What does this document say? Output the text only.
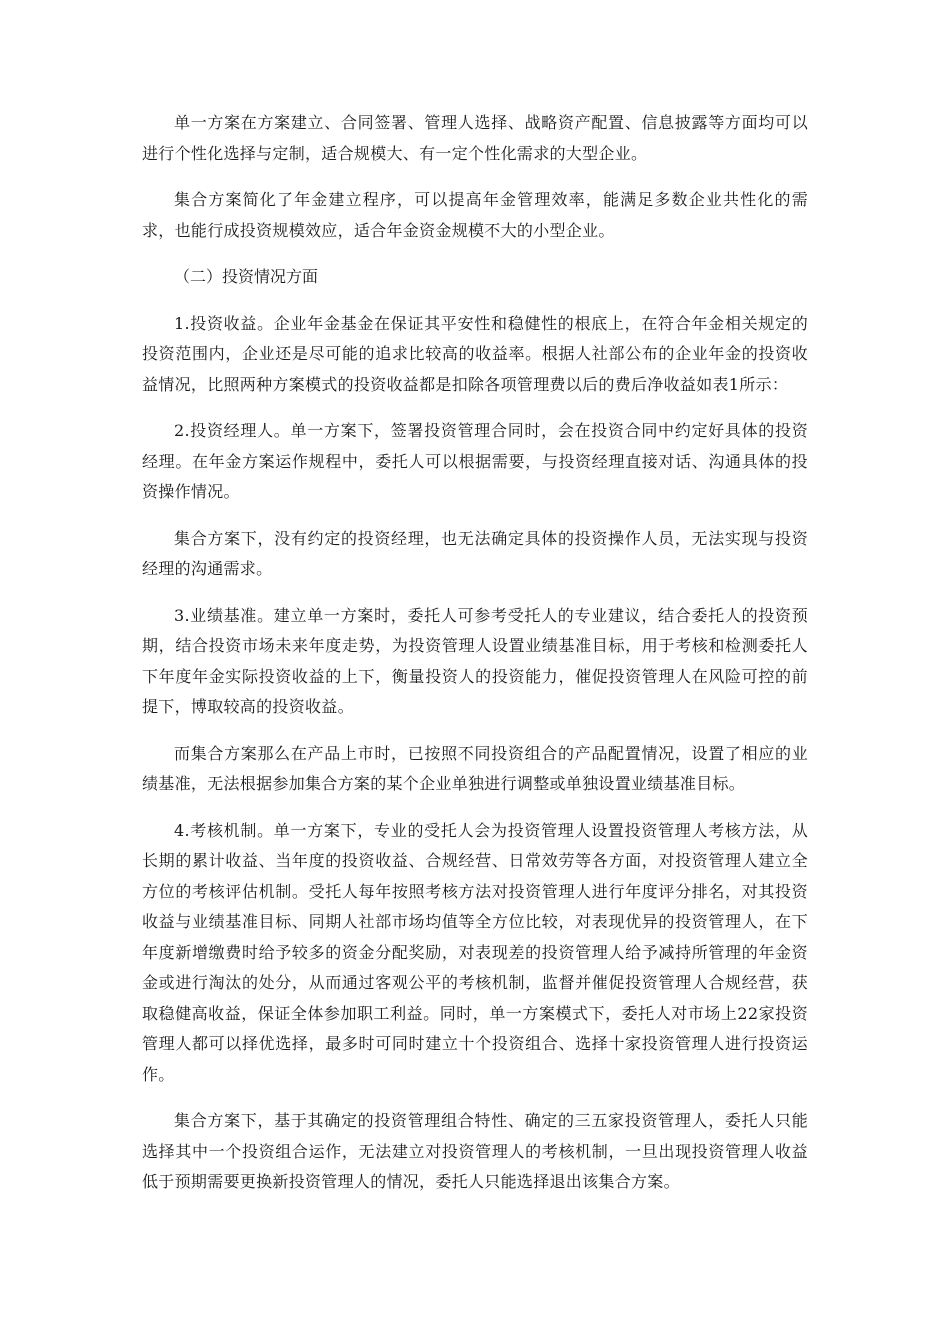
单一方案在方案建立、合同签署、管理人选择、战略资产配置、信息披露等方面均可以进行个性化选择与定制，适合规模大、有一定个性化需求的大型企业。

集合方案简化了年金建立程序，可以提高年金管理效率，能满足多数企业共性化的需求，也能行成投资规模效应，适合年金资金规模不大的小型企业。

（二）投资情况方面

1.投资收益。企业年金基金在保证其平安性和稳健性的根底上，在符合年金相关规定的投资范围内，企业还是尽可能的追求比较高的收益率。根据人社部公布的企业年金的投资收益情况，比照两种方案模式的投资收益都是扣除各项管理费以后的费后净收益如表1所示：

2.投资经理人。单一方案下，签署投资管理合同时，会在投资合同中约定好具体的投资经理。在年金方案运作规程中，委托人可以根据需要，与投资经理直接对话、沟通具体的投资操作情况。

集合方案下，没有约定的投资经理，也无法确定具体的投资操作人员，无法实现与投资经理的沟通需求。

3.业绩基准。建立单一方案时，委托人可参考受托人的专业建议，结合委托人的投资预期，结合投资市场未来年度走势，为投资管理人设置业绩基准目标，用于考核和检测委托人下年度年金实际投资收益的上下，衡量投资人的投资能力，催促投资管理人在风险可控的前提下，博取较高的投资收益。

而集合方案那么在产品上市时，已按照不同投资组合的产品配置情况，设置了相应的业绩基准，无法根据参加集合方案的某个企业单独进行调整或单独设置业绩基准目标。

4.考核机制。单一方案下，专业的受托人会为投资管理人设置投资管理人考核方法，从长期的累计收益、当年度的投资收益、合规经营、日常效劳等各方面，对投资管理人建立全方位的考核评估机制。受托人每年按照考核方法对投资管理人进行年度评分排名，对其投资收益与业绩基准目标、同期人社部市场均值等全方位比较，对表现优异的投资管理人，在下年度新增缴费时给予较多的资金分配奖励，对表现差的投资管理人给予减持所管理的年金资金或进行淘汰的处分，从而通过客观公平的考核机制，监督并催促投资管理人合规经营，获取稳健高收益，保证全体参加职工利益。同时，单一方案模式下，委托人对市场上22家投资管理人都可以择优选择，最多时可同时建立十个投资组合、选择十家投资管理人进行投资运作。

集合方案下，基于其确定的投资管理组合特性、确定的三五家投资管理人，委托人只能选择其中一个投资组合运作，无法建立对投资管理人的考核机制，一旦出现投资管理人收益低于预期需要更换新投资管理人的情况，委托人只能选择退出该集合方案。
